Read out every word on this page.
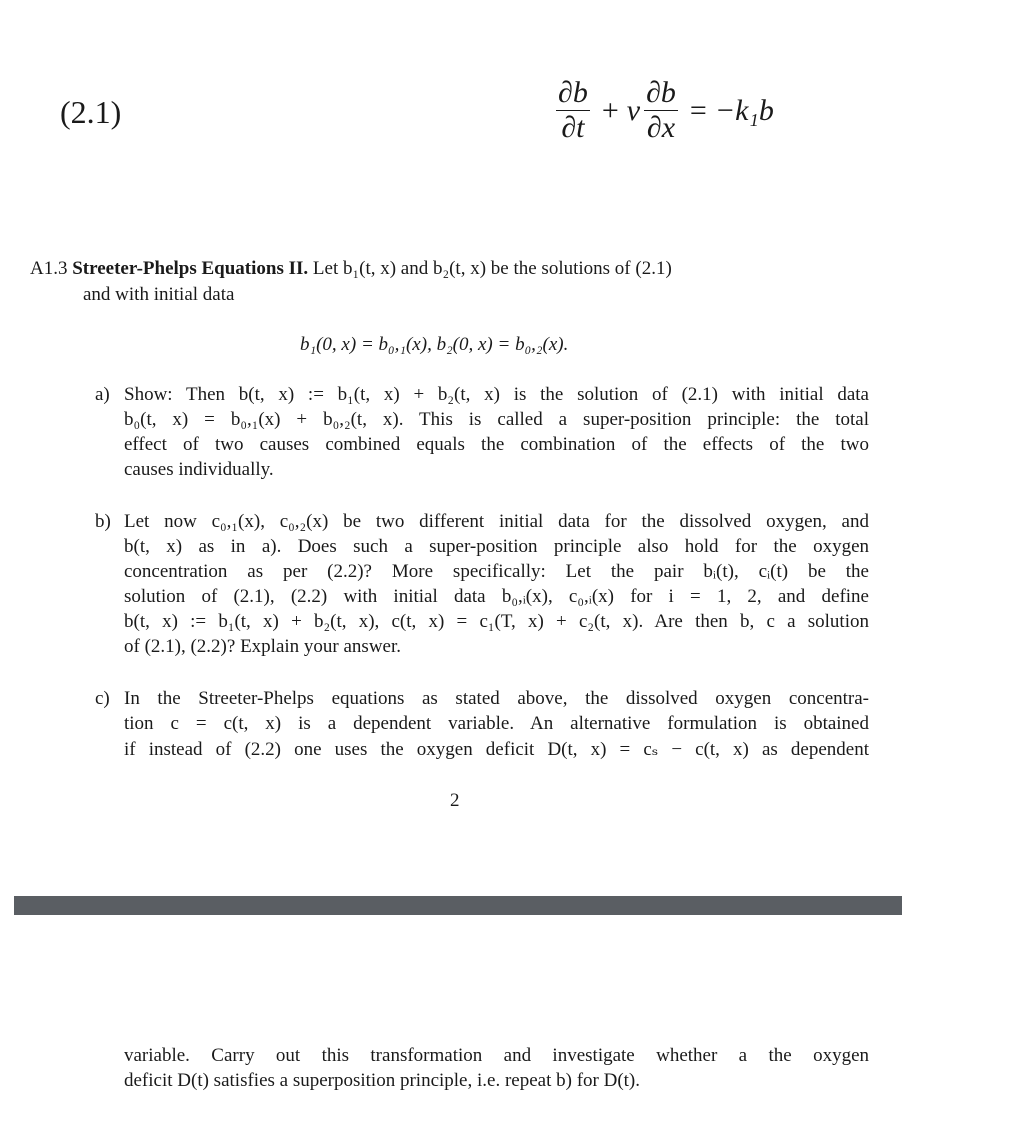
(2.1)	$\frac{\partial b}{\partial t} + v \frac{\partial b}{\partial x} = -k_1b$
A1.3 Streeter-Phelps Equations II. Let b₁(t, x) and b₂(t, x) be the solutions of (2.1)
and with initial data
b₁(0, x) = b₀,₁(x), b₂(0, x) = b₀,₂(x).
a) Show: Then b(t, x) := b₁(t, x) + b₂(t, x) is the solution of (2.1) with initial data
b₀(t, x) = b₀,₁(x) + b₀,₂(t, x). This is called a super-position principle: the total
effect of two causes combined equals the combination of the effects of the two
causes individually.
b) Let now c₀,₁(x), c₀,₂(x) be two different initial data for the dissolved oxygen, and
b(t, x) as in a). Does such a super-position principle also hold for the oxygen
concentration as per (2.2)? More specifically: Let the pair bᵢ(t), cᵢ(t) be the
solution of (2.1), (2.2) with initial data b₀,ᵢ(x), c₀,ᵢ(x) for i = 1, 2, and define
b(t, x) := b₁(t, x) + b₂(t, x), c(t, x) = c₁(T, x) + c₂(t, x). Are then b, c a solution
of (2.1), (2.2)? Explain your answer.
c) In the Streeter-Phelps equations as stated above, the dissolved oxygen concentra-
tion c = c(t, x) is a dependent variable. An alternative formulation is obtained
if instead of (2.2) one uses the oxygen deficit D(t, x) = cₛ − c(t, x) as dependent
2
variable. Carry out this transformation and investigate whether a the oxygen
deficit D(t) satisfies a superposition principle, i.e. repeat b) for D(t).
